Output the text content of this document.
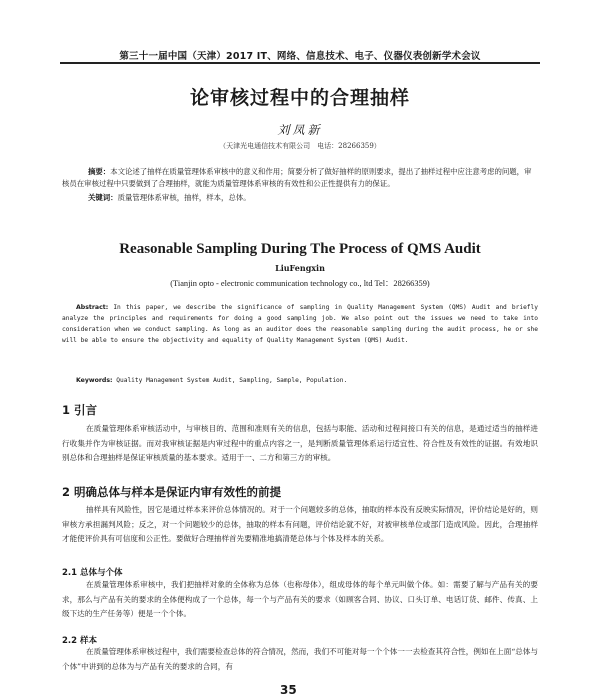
第三十一届中国（天津）2017 IT、网络、信息技术、电子、仪器仪表创新学术会议
论审核过程中的合理抽样
刘凤新
（天津光电通信技术有限公司　电话：28266359）
摘要：本文论述了抽样在质量管理体系审核中的意义和作用；简要分析了做好抽样的原则要求，提出了抽样过程中应注意考虑的问题，审核员在审核过程中只要做到了合理抽样，就能为质量管理体系审核的有效性和公正性提供有力的保证。
关键词：质量管理体系审核，抽样，样本，总体。
Reasonable Sampling During The Process of QMS Audit
LiuFengxin
(Tianjin opto - electronic communication technology co., ltd Tel：28266359)
Abstract: In this paper, we describe the significance of sampling in Quality Management System (QMS) Audit and briefly analyze the principles and requirements for doing a good sampling job. We also point out the issues we need to take into consideration when we conduct sampling. As long as an auditor does the reasonable sampling during the audit process, he or she will be able to ensure the objectivity and equality of Quality Management System (QMS) Audit.
Keywords: Quality Management System Audit, Sampling, Sample, Population.
1 引言
在质量管理体系审核活动中，与审核目的、范围和准则有关的信息，包括与职能、活动和过程间接口有关的信息，是通过适当的抽样进行收集并作为审核证据。而对我审核证据是内审过程中的重点内容之一，是判断质量管理体系运行适宜性、符合性及有效性的证据。有效地识别总体和合理抽样是保证审核质量的基本要求。适用于一、二方和第三方的审核。
2 明确总体与样本是保证内审有效性的前提
抽样具有风险性，因它是通过样本来评价总体情况的。对于一个问题较多的总体，抽取的样本没有反映实际情况，评价结论是好的，则审核方承担漏判风险；反之，对一个问题较少的总体，抽取的样本有问题，评价结论就不好，对被审核单位或部门造成风险。因此，合理抽样才能使评价具有可信度和公正性。要做好合理抽样首先要精准地搞清楚总体与个体及样本的关系。
2.1 总体与个体
在质量管理体系审核中，我们把抽样对象的全体称为总体（也称母体），组成母体的每个单元叫做个体。如：需要了解与产品有关的要求，那么与产品有关的要求的全体便构成了一个总体，每一个与产品有关的要求（如顾客合同、协议、口头订单、电话订货、邮件、传真、上级下达的生产任务等）便是一个个体。
2.2 样本
在质量管理体系审核过程中，我们需要检查总体的符合情况，然而，我们不可能对每一个个体一一去检查其符合性，例如在上面“总体与个体”中讲到的总体为与产品有关的要求的合同，有
35
